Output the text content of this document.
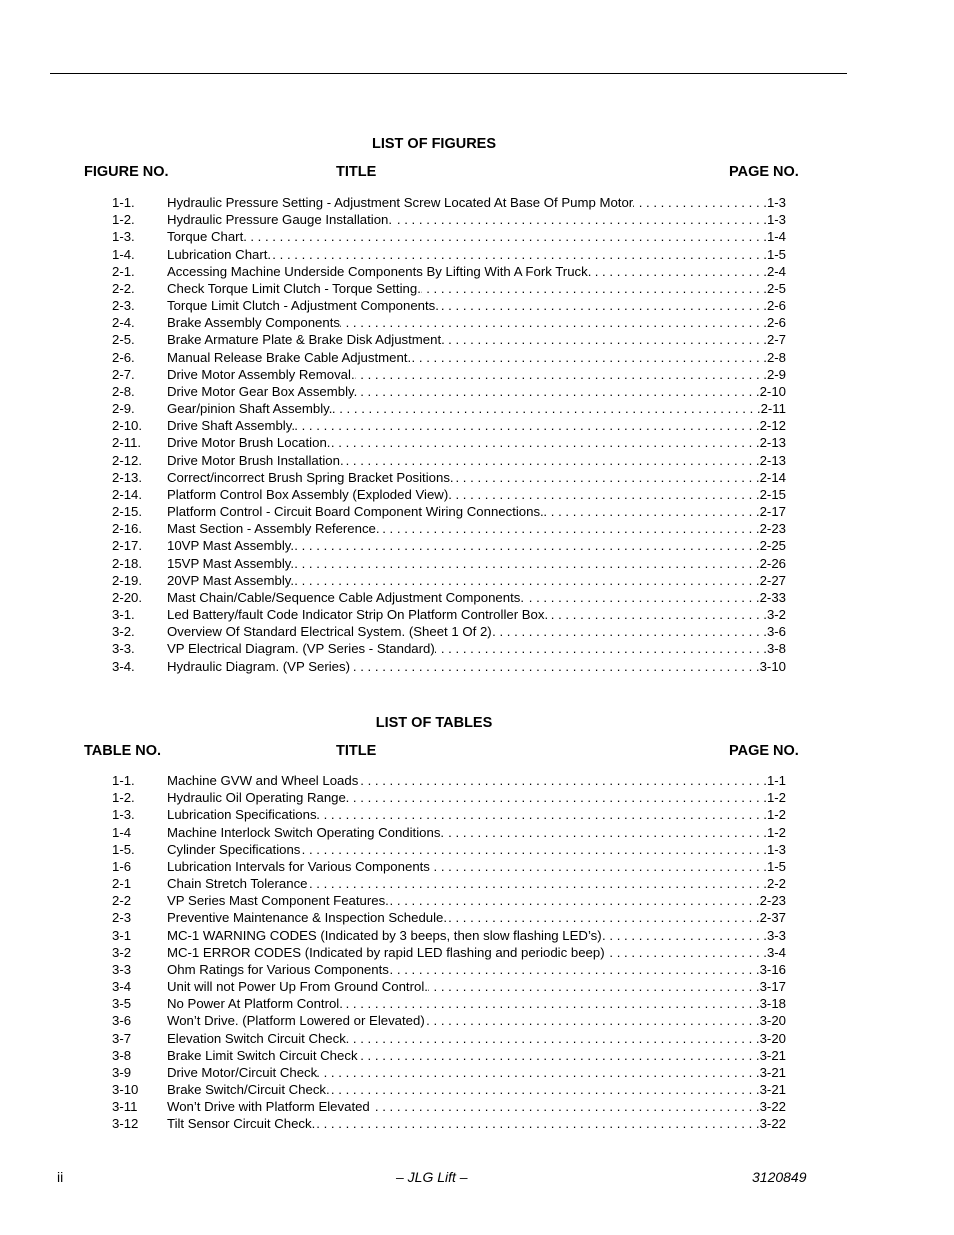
LIST OF FIGURES
FIGURE NO.	TITLE	PAGE NO.
1-1. Hydraulic Pressure Setting - Adjustment Screw Located At Base Of Pump Motor . . .	1-3
1-2. Hydraulic Pressure Gauge Installation. . . .	1-3
1-3. Torque Chart. . . .	1-4
1-4. Lubrication Chart. . . .	1-5
2-1. Accessing Machine Underside Components By Lifting With A Fork Truck. . . .	2-4
2-2. Check Torque Limit Clutch - Torque Setting. . . .	2-5
2-3. Torque Limit Clutch - Adjustment Components. . . .	2-6
2-4. Brake Assembly Components . . .	2-6
2-5. Brake Armature Plate & Brake Disk Adjustment. . . .	2-7
2-6. Manual Release Brake Cable Adjustment. . . .	2-8
2-7. Drive Motor Assembly Removal. . . .	2-9
2-8. Drive Motor Gear Box Assembly. . . .	2-10
2-9. Gear/pinion Shaft Assembly. . . .	2-11
2-10. Drive Shaft Assembly. . . .	2-12
2-11. Drive Motor Brush Location. . . .	2-13
2-12. Drive Motor Brush Installation. . . .	2-13
2-13. Correct/incorrect Brush Spring Bracket Positions. . . .	2-14
2-14. Platform Control Box Assembly (Exploded View). . . .	2-15
2-15. Platform Control - Circuit Board Component Wiring Connections. . . .	2-17
2-16. Mast Section - Assembly Reference. . . .	2-23
2-17. 10VP Mast Assembly. . . .	2-25
2-18. 15VP Mast Assembly. . . .	2-26
2-19. 20VP Mast Assembly. . . .	2-27
2-20. Mast Chain/Cable/Sequence Cable Adjustment Components. . . .	2-33
3-1. Led Battery/fault Code Indicator Strip On Platform Controller Box. . . .	3-2
3-2. Overview Of Standard Electrical System. (Sheet 1 Of 2) . . .	3-6
3-3. VP Electrical Diagram. (VP Series - Standard) . . .	3-8
3-4. Hydraulic Diagram. (VP Series) . . .	3-10
LIST OF TABLES
TABLE NO.	TITLE	PAGE NO.
1-1. Machine GVW and Wheel Loads . . .	1-1
1-2. Hydraulic Oil Operating Range . . .	1-2
1-3. Lubrication Specifications . . .	1-2
1-4	Machine Interlock Switch Operating Conditions. . . .	1-2
1-5. Cylinder Specifications . . .	1-3
1-6	Lubrication Intervals for Various Components . . .	1-5
2-1	Chain Stretch Tolerance . . .	2-2
2-2	VP Series Mast Component Features. . . .	2-23
2-3	Preventive Maintenance & Inspection Schedule. . . .	2-37
3-1	MC-1 WARNING CODES (Indicated by 3 beeps, then slow flashing LED’s) . . .	3-3
3-2	MC-1 ERROR CODES (Indicated by rapid LED flashing and periodic beep) . . .	3-4
3-3	Ohm Ratings for Various Components . . .	3-16
3-4	Unit will not Power Up From Ground Control. . . .	3-17
3-5	No Power At Platform Control. . . .	3-18
3-6	Won’t Drive. (Platform Lowered or Elevated) . . .	3-20
3-7	Elevation Switch Circuit Check . . .	3-20
3-8	Brake Limit Switch Circuit Check . . .	3-21
3-9	Drive Motor/Circuit Check . . .	3-21
3-10 Brake Switch/Circuit Check. . . .	3-21
3-11 Won’t Drive with Platform Elevated . . .	3-22
3-12 Tilt Sensor Circuit Check. . . .	3-22
ii	– JLG Lift –	3120849
